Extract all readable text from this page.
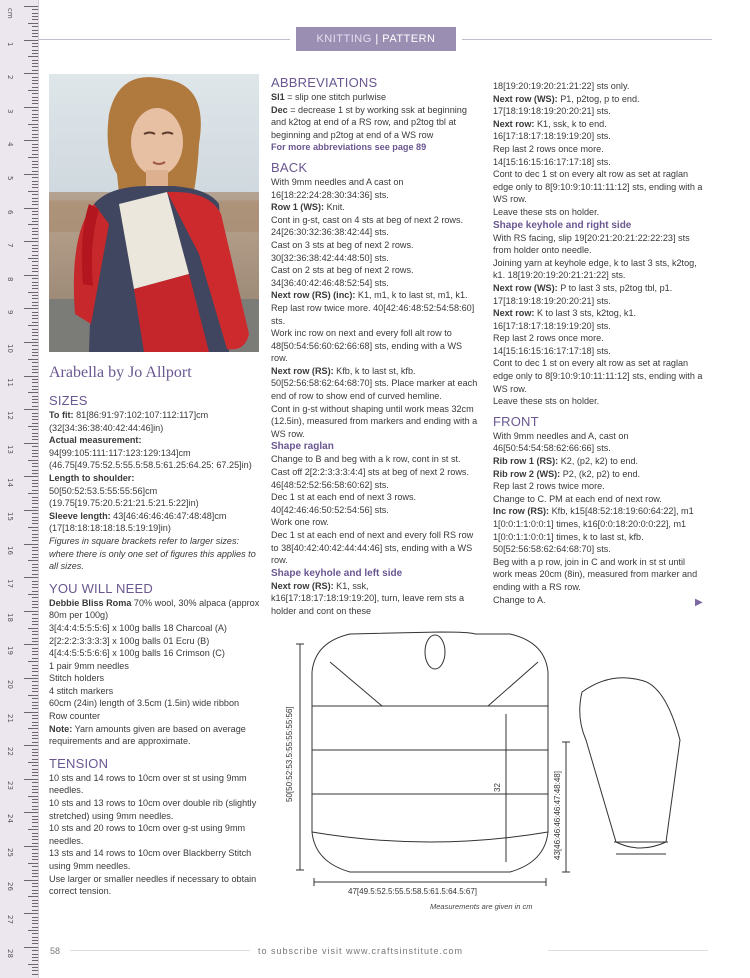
cm
1
2
3
4
5
6
7
8
9
10
11
12
13
14
15
16
17
18
19
20
21
22
23
24
25
26
27
28
KNITTING | PATTERN INSTRUCTIONS
Arabella by Jo Allport

SIZES

To fit: 81[86:91:97:102:107:112:117]cm (32[34:36:38:40:42:44:46]in)

Actual measurement:

94[99:105:111:117:123:129:134]cm (46.75[49.75:52.5:55.5:58.5:61.25:64.25: 67.25]in)

Length to shoulder:

50[50:52:53.5:55:55:56]cm (19.75[19.75:20.5:21:21.5:21.5:22]in)

Sleeve length: 43[46:46:46:46:47:48:48]cm (17[18:18:18:18:18.5:19:19]in)

Figures in square brackets refer to larger sizes: where there is only one set of figures this applies to all sizes.

YOU WILL NEED

Debbie Bliss Roma 70% wool, 30% alpaca (approx 80m per 100g)

3[4:4:4:5:5:5:6] x 100g balls 18 Charcoal (A)

2[2:2:2:3:3:3:3] x 100g balls 01 Ecru (B)

4[4:4:5:5:5:6:6] x 100g balls 16 Crimson (C)

1 pair 9mm needles

Stitch holders

4 stitch markers

60cm (24in) length of 3.5cm (1.5in) wide ribbon

Row counter

Note: Yarn amounts given are based on average requirements and are approximate.

TENSION

10 sts and 14 rows to 10cm over st st using 9mm needles.

10 sts and 13 rows to 10cm over double rib (slightly stretched) using 9mm needles.

10 sts and 20 rows to 10cm over g-st using 9mm needles.

13 sts and 14 rows to 10cm over Blackberry Stitch using 9mm needles.

Use larger or smaller needles if necessary to obtain correct tension.

ABBREVIATIONS

Sl1 = slip one stitch purlwise

Dec = decrease 1 st by working ssk at beginning and k2tog at end of a RS row, and p2tog tbl at beginning and p2tog at end of a WS row

For more abbreviations see page 89

BACK

With 9mm needles and A cast on 16[18:22:24:28:30:34:36] sts.

Row 1 (WS): Knit.

Cont in g-st, cast on 4 sts at beg of next 2 rows. 24[26:30:32:36:38:42:44] sts.

Cast on 3 sts at beg of next 2 rows. 30[32:36:38:42:44:48:50] sts.

Cast on 2 sts at beg of next 2 rows. 34[36:40:42:46:48:52:54] sts.

Next row (RS) (inc): K1, m1, k to last st, m1, k1.

Rep last row twice more. 40[42:46:48:52:54:58:60] sts.

Work inc row on next and every foll alt row to 48[50:54:56:60:62:66:68] sts, ending with a WS row.

Next row (RS): Kfb, k to last st, kfb. 50[52:56:58:62:64:68:70] sts. Place marker at each end of row to show end of curved hemline.

Cont in g-st without shaping until work meas 32cm (12.5in), measured from markers and ending with a WS row.

Shape raglan

Change to B and beg with a k row, cont in st st. Cast off 2[2:2:3:3:3:4:4] sts at beg of next 2 rows. 46[48:52:52:56:58:60:62] sts.

Dec 1 st at each end of next 3 rows. 40[42:46:46:50:52:54:56] sts.

Work one row.

Dec 1 st at each end of next and every foll RS row to 38[40:42:40:42:44:44:46] sts, ending with a WS row.

Shape keyhole and left side

Next row (RS): K1, ssk, k16[17:18:17:18:19:19:20], turn, leave rem sts a holder and cont on these

18[19:20:19:20:21:21:22] sts only.

Next row (WS): P1, p2tog, p to end. 17[18:19:18:19:20:20:21] sts.

Next row: K1, ssk, k to end. 16[17:18:17:18:19:19:20] sts.

Rep last 2 rows once more. 14[15:16:15:16:17:17:18] sts.

Cont to dec 1 st on every alt row as set at raglan edge only to 8[9:10:9:10:11:11:12] sts, ending with a WS row.

Leave these sts on holder.

Shape keyhole and right side

With RS facing, slip 19[20:21:20:21:22:22:23] sts from holder onto needle.

Joining yarn at keyhole edge, k to last 3 sts, k2tog, k1. 18[19:20:19:20:21:21:22] sts.

Next row (WS): P to last 3 sts, p2tog tbl, p1. 17[18:19:18:19:20:20:21] sts.

Next row: K to last 3 sts, k2tog, k1. 16[17:18:17:18:19:19:20] sts.

Rep last 2 rows once more. 14[15:16:15:16:17:17:18] sts.

Cont to dec 1 st on every alt row as set at raglan edge only to 8[9:10:9:10:11:11:12] sts, ending with a WS row.

Leave these sts on holder.

FRONT

With 9mm needles and A, cast on 46[50:54:54:58:62:66:66] sts.

Rib row 1 (RS): K2, (p2, k2) to end.

Rib row 2 (WS): P2, (k2, p2) to end.

Rep last 2 rows twice more.

Change to C. PM at each end of next row.

Inc row (RS): Kfb, k15[48:52:18:19:60:64:22], m1 1[0:0:1:1:0:0:1] times, k16[0:0:18:20:0:0:22], m1 1[0:0:1:1:0:0:1] times, k to last st, kfb. 50[52:56:58:62:64:68:70] sts.

Beg with a p row, join in C and work in st st until work meas 20cm (8in), measured from marker and ending with a RS row.

Change to A.	▶
50[50:52:53.5:55:55:55:56]	32
47[49.5:52.5:55.5:58.5:61.5:64.5:67]
43[46:46:46:46:47:48:48]
Measurements are given in cm
58	to subscribe visit www.craftsinstitute.com
